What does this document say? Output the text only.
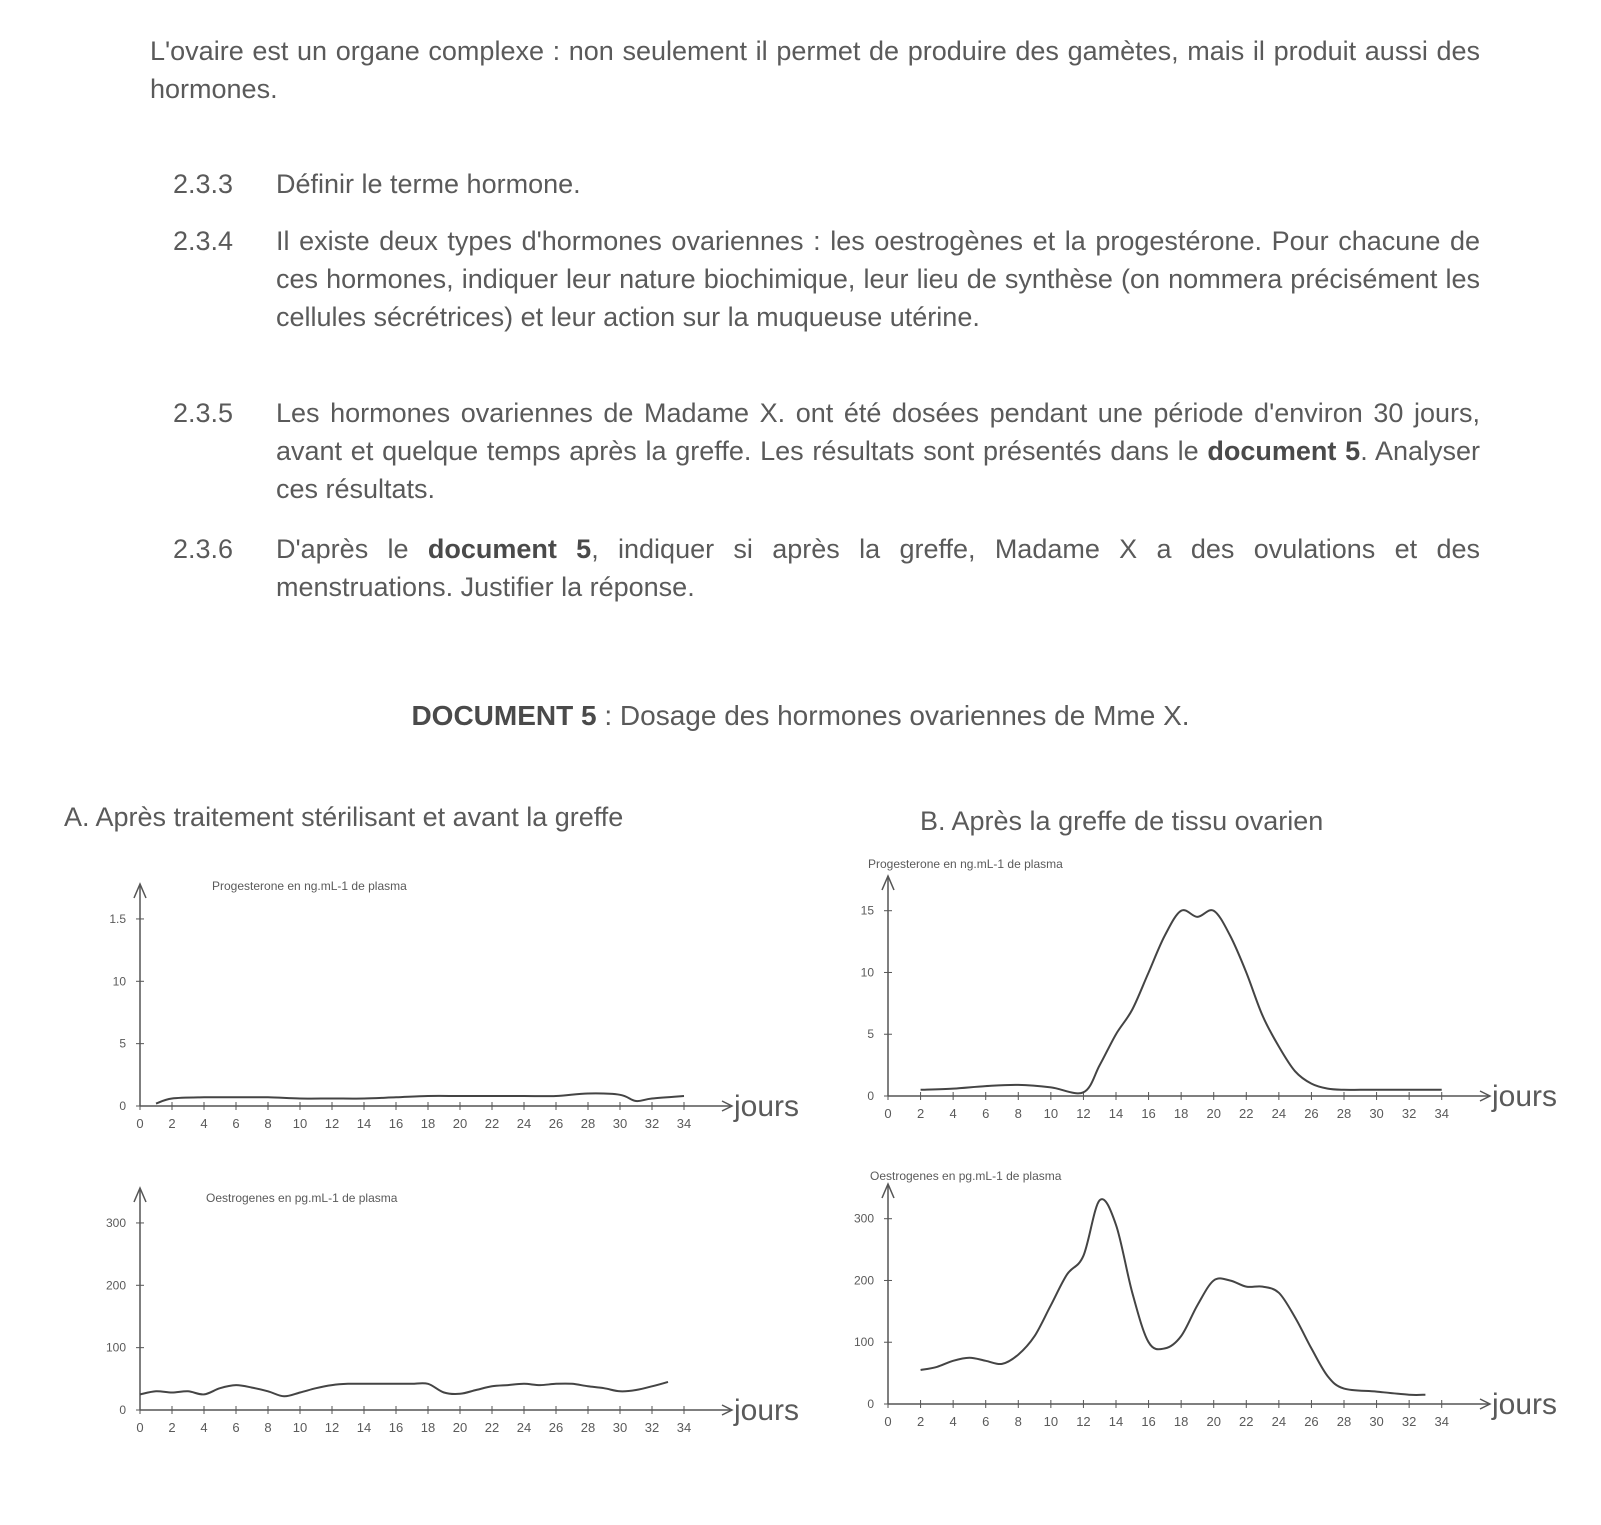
L'ovaire est un organe complexe : non seulement il permet de produire des gamètes, mais il produit aussi des hormones.

2.3.3 Définir le terme hormone.
2.3.4 Il existe deux types d'hormones ovariennes : les oestrogènes et la progestérone. Pour chacune de ces hormones, indiquer leur nature biochimique, leur lieu de synthèse (on nommera précisément les cellules sécrétrices) et leur action sur la muqueuse utérine.
2.3.5 Les hormones ovariennes de Madame X. ont été dosées pendant une période d'environ 30 jours, avant et quelque temps après la greffe. Les résultats sont présentés dans le document 5. Analyser ces résultats.
2.3.6 D'après le document 5, indiquer si après la greffe, Madame X a des ovulations et des menstruations. Justifier la réponse.
DOCUMENT 5 : Dosage des hormones ovariennes de Mme X.
A. Après traitement stérilisant et avant la greffe	B. Après la greffe de tissu ovarien
Progesterone en ng.mL-1 de plasma
jours
0 2 4 6 8 10 12 14 16 18 20 22 24 26 28 30 32 34
0
5
10
1.5
Oestrogenes en pg.mL-1 de plasma
jours
0 2 4 6 8 10 12 14 16 18 20 22 24 26 28 30 32 34
0
100
200
300
Progesterone en ng.mL-1 de plasma
jours
0 2 4 6 8 10 12 14 16 18 20 22 24 26 28 30 32 34
0
5
10
15
Oestrogenes en pg.mL-1 de plasma
jours
0 2 4 6 8 10 12 14 16 18 20 22 24 26 28 30 32 34
0
100
200
300
